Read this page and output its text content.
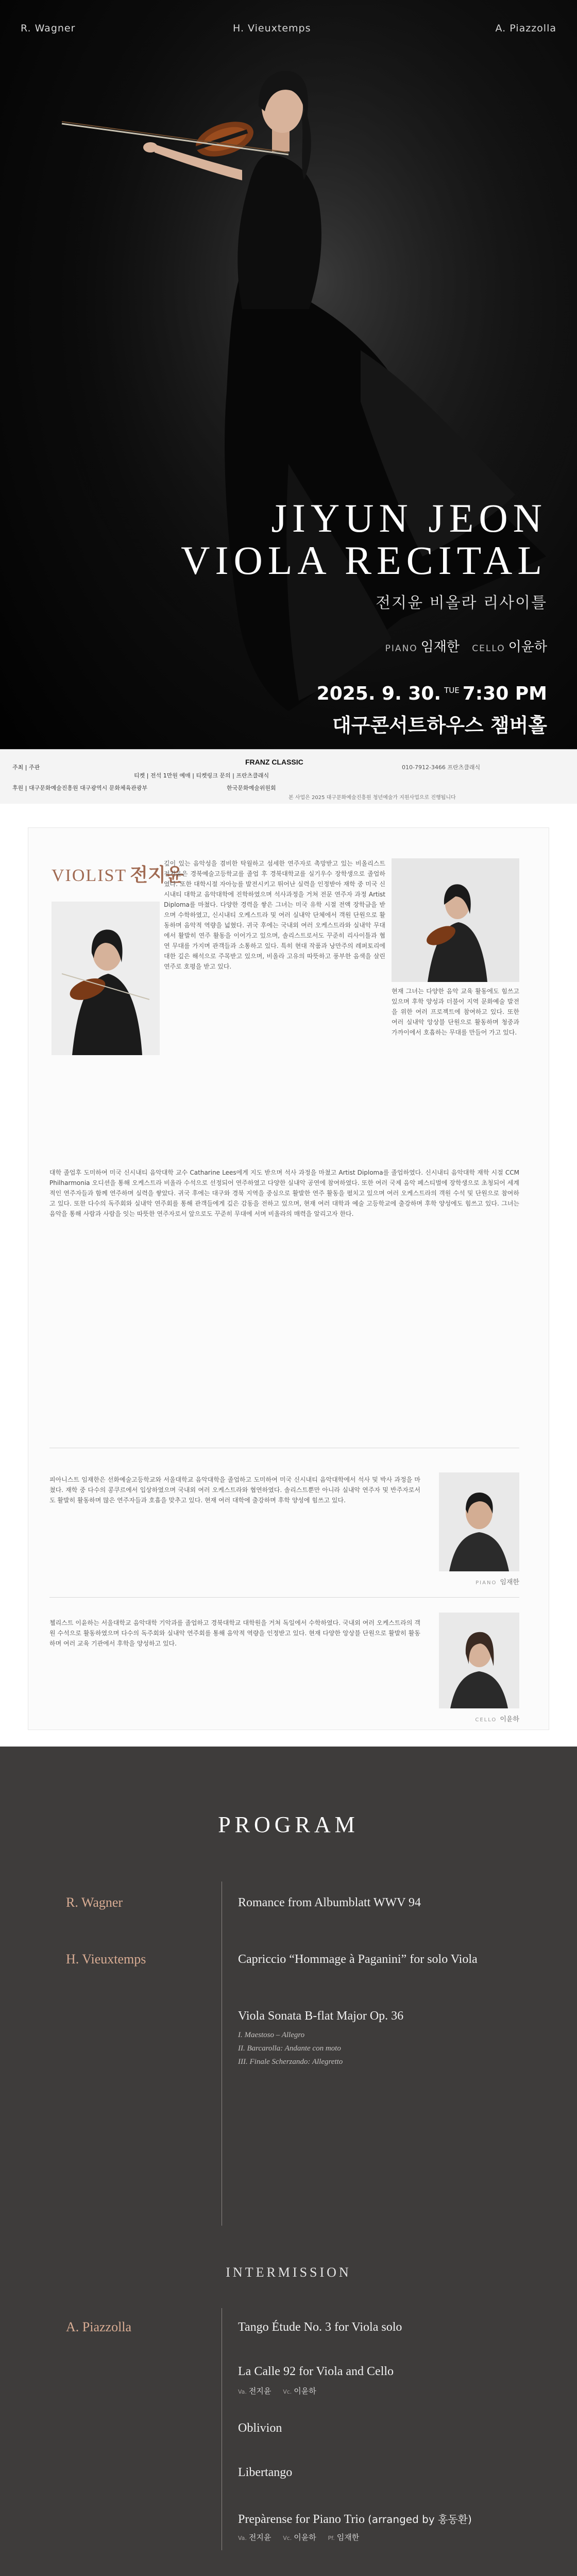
R. Wagner	H. Vieuxtemps	A. Piazzolla
JIYUN JEON
VIOLA RECITAL
전지윤 비올라 리사이틀
PIANO 임재한 CELLO 이윤하
2025. 9. 30. $^{TUE}$ 7:30 PM
대구콘서트하우스 챔버홀
주최 | 주관
FRANZ CLASSIC
티켓 | 전석 1만원 예매 | 티켓링크 문의 | 프란츠클래식
010-7912-3466 프란츠클래식
후원 | 대구문화예술진흥원 대구광역시 문화체육관광부	한국문화예술위원회
본 사업은 2025 대구문화예술진흥원 청년예술가 지원사업으로 진행됩니다
VIOLIST 전지윤
깊이 있는 음악성을 겸비한 탁월하고 섬세한 연주자로 촉망받고 있는 비올리스트 전지윤은 경북예술고등학교를 졸업 후 경북대학교를 실기우수 장학생으로 졸업하였다. 또한 대학시절 자아능를 발전시키고 뛰어난 실력을 인정받아 재학 중 미국 신시내티 대학교 음악대학에 진학하였으며 석사과정을 거쳐 전문 연주자 과정 Artist Diploma를 마쳤다. 다양한 경력을 쌓은 그녀는 미국 유학 시절 전액 장학금을 받으며 수학하였고, 신시내티 오케스트라 및 여러 실내악 단체에서 객원 단원으로 활동하며 음악적 역량을 넓혔다. 귀국 후에는 국내외 여러 오케스트라와 실내악 무대에서 활발히 연주 활동을 이어가고 있으며, 솔리스트로서도 꾸준히 리사이틀과 협연 무대를 가지며 관객들과 소통하고 있다. 특히 현대 작품과 낭만주의 레퍼토리에 대한 깊은 해석으로 주목받고 있으며, 비올라 고유의 따뜻하고 풍부한 음색을 살린 연주로 호평을 받고 있다.
현재 그녀는 다양한 음악 교육 활동에도 힘쓰고 있으며 후학 양성과 더불어 지역 문화예술 발전을 위한 여러 프로젝트에 참여하고 있다. 또한 여러 실내악 앙상블 단원으로 활동하며 청중과 가까이에서 호흡하는 무대를 만들어 가고 있다.
대학 졸업후 도미하여 미국 신시내티 음악대학 교수 Catharine Lees에게 지도 받으며 석사 과정을 마쳤고 Artist Diploma를 졸업하였다. 신시내티 음악대학 재학 시절 CCM Philharmonia 오디션을 통해 오케스트라 비올라 수석으로 선정되어 연주하였고 다양한 실내악 공연에 참여하였다. 또한 여러 국제 음악 페스티벌에 장학생으로 초청되어 세계적인 연주자들과 함께 연주하며 실력을 쌓았다. 귀국 후에는 대구와 경북 지역을 중심으로 활발한 연주 활동을 펼치고 있으며 여러 오케스트라의 객원 수석 및 단원으로 참여하고 있다. 또한 다수의 독주회와 실내악 연주회를 통해 관객들에게 깊은 감동을 전하고 있으며, 현재 여러 대학과 예술 고등학교에 출강하며 후학 양성에도 힘쓰고 있다. 그녀는 음악을 통해 사람과 사람을 잇는 따뜻한 연주자로서 앞으로도 꾸준히 무대에 서며 비올라의 매력을 알리고자 한다.
피아니스트 임재한은 선화예술고등학교와 서울대학교 음악대학을 졸업하고 도미하여 미국 신시내티 음악대학에서 석사 및 박사 과정을 마쳤다. 재학 중 다수의 콩쿠르에서 입상하였으며 국내외 여러 오케스트라와 협연하였다. 솔리스트뿐만 아니라 실내악 연주자 및 반주자로서도 활발히 활동하며 많은 연주자들과 호흡을 맞추고 있다. 현재 여러 대학에 출강하며 후학 양성에 힘쓰고 있다.
PIANO 임재한
첼리스트 이윤하는 서울대학교 음악대학 기악과를 졸업하고 경북대학교 대학원을 거쳐 독일에서 수학하였다. 국내외 여러 오케스트라의 객원 수석으로 활동하였으며 다수의 독주회와 실내악 연주회를 통해 음악적 역량을 인정받고 있다. 현재 다양한 앙상블 단원으로 활발히 활동하며 여러 교육 기관에서 후학을 양성하고 있다.
CELLO 이윤하
PROGRAM
R. Wagner	Romance from Albumblatt WWV 94
H. Vieuxtemps	Capriccio “Hommage à Paganini” for solo Viola
Viola Sonata B-flat Major Op. 36
I. Maestoso – Allegro
II. Barcarolla: Andante con moto
III. Finale Scherzando: Allegretto
INTERMISSION
A. Piazzolla	Tango Étude No. 3 for Viola solo
La Calle 92 for Viola and Cello
Va. 전지윤 Vc. 이윤하
Oblivion
Libertango
Prepàrense for Piano Trio (arranged by 홍동환)
Va. 전지윤 Vc. 이윤하 Pf. 임재한
